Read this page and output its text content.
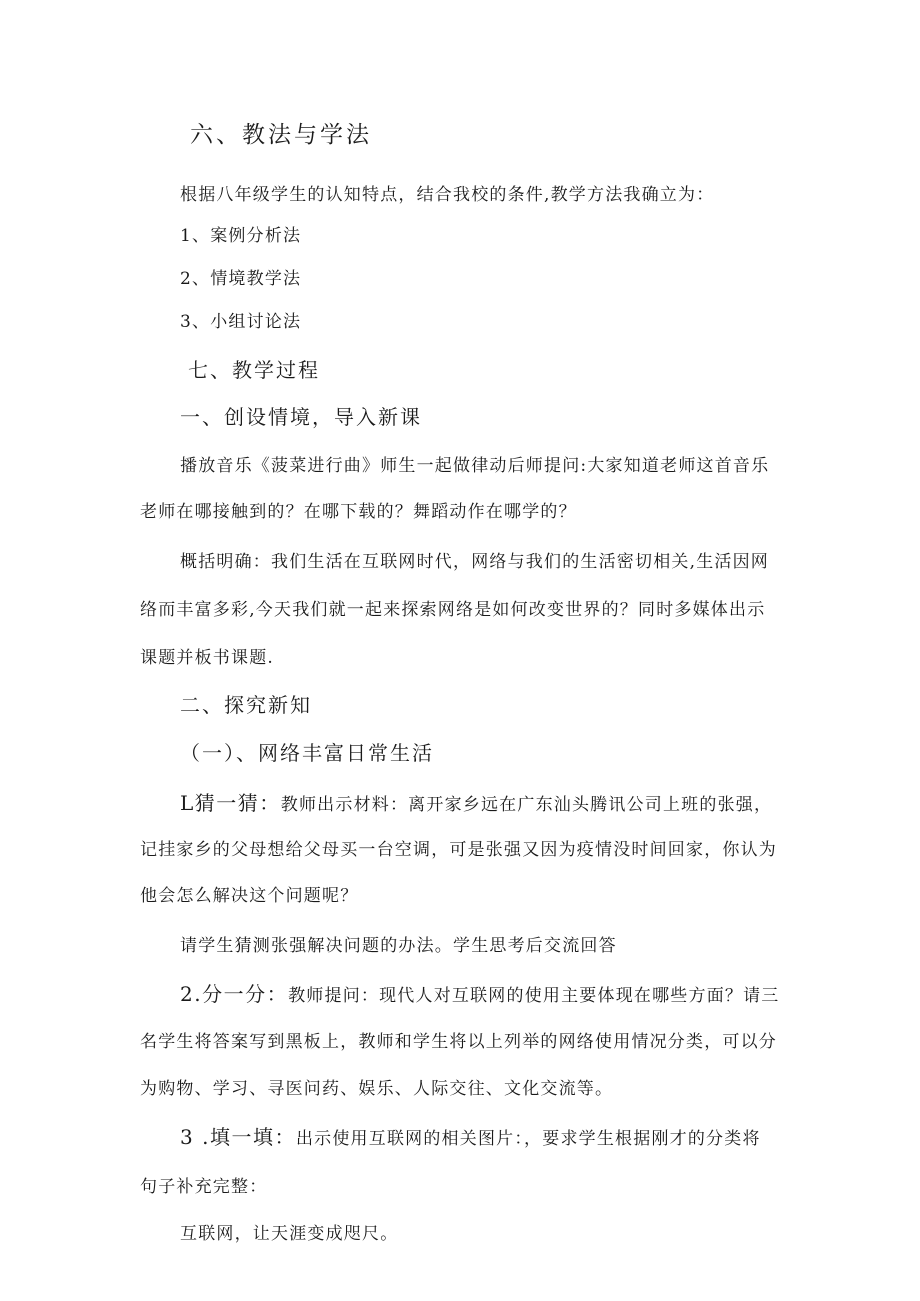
六、教法与学法
根据八年级学生的认知特点，结合我校的条件,教学方法我确立为：
1、案例分析法
2、情境教学法
3、小组讨论法
七、教学过程
一、创设情境，导入新课
播放音乐《菠菜进行曲》师生一起做律动后师提问:大家知道老师这首音乐
老师在哪接触到的？在哪下载的？舞蹈动作在哪学的？
概括明确：我们生活在互联网时代，网络与我们的生活密切相关,生活因网
络而丰富多彩,今天我们就一起来探索网络是如何改变世界的？同时多媒体出示
课题并板书课题.
二、探究新知
（一）、网络丰富日常生活
L猜一猜：教师出示材料：离开家乡远在广东汕头腾讯公司上班的张强，
记挂家乡的父母想给父母买一台空调，可是张强又因为疫情没时间回家，你认为
他会怎么解决这个问题呢？
请学生猜测张强解决问题的办法。学生思考后交流回答
2.分一分：教师提问：现代人对互联网的使用主要体现在哪些方面？请三
名学生将答案写到黑板上，教师和学生将以上列举的网络使用情况分类，可以分
为购物、学习、寻医问药、娱乐、人际交往、文化交流等。
3 .填一填：出示使用互联网的相关图片：，要求学生根据刚才的分类将
句子补充完整：
互联网，让天涯变成咫尺。
